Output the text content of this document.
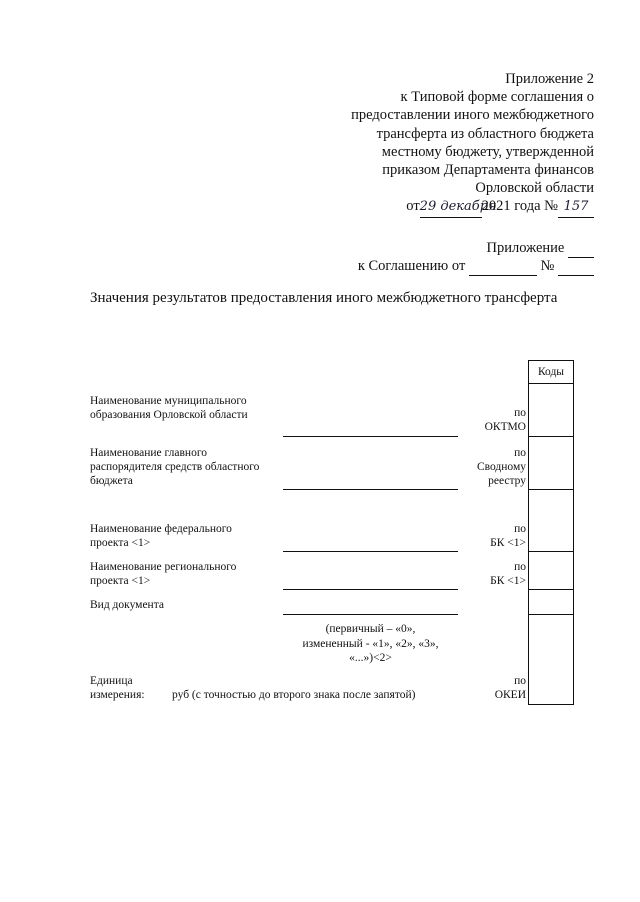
Приложение 2
к Типовой форме соглашения о
предоставлении иного межбюджетного
трансферта из областного бюджета
местному бюджету, утвержденной
приказом Департамента финансов
Орловской области
от29 декабря2021 года № 157
Приложение
к Соглашению от	№
Значения результатов предоставления иного межбюджетного трансферта
Наименование муниципального
образования Орловской области
Наименование главного
распорядителя средств областного
бюджета
Наименование федерального
проекта <1>
Наименование регионального
проекта <1>
Вид документа
(первичный – «0»,
измененный - «1», «2», «3»,
«...»)<2>
Единица
измерения: руб (с точностью до второго знака после запятой)
по
ОКТМО
по
Сводному
реестру
по
БК <1>
по
БК <1>
по
ОКЕИ
Коды
